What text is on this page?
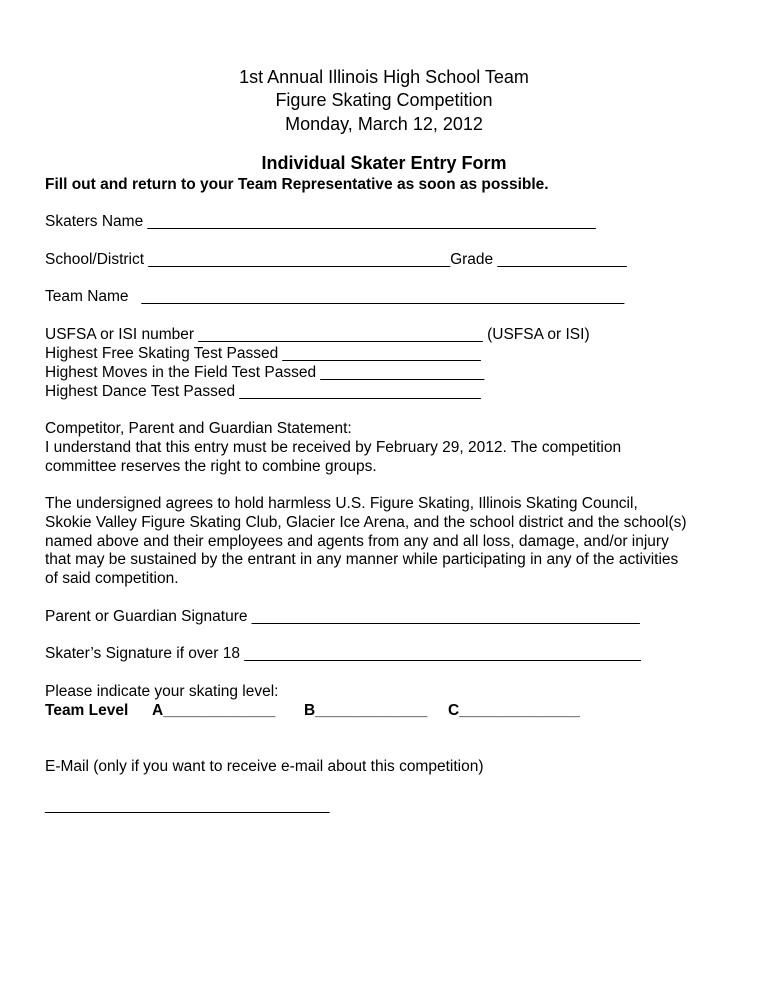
1st Annual Illinois High School Team
Figure Skating Competition
Monday, March 12, 2012
Individual Skater Entry Form
Fill out and return to your Team Representative as soon as possible.
Skaters Name ____________________________________________________
School/District ___________________________________Grade _______________
Team Name   ________________________________________________________
USFSA or ISI number _________________________________ (USFSA or ISI)
Highest Free Skating Test Passed _______________________
Highest Moves in the Field Test Passed ___________________
Highest Dance Test Passed ____________________________
Competitor, Parent and Guardian Statement:
I understand that this entry must be received by February 29, 2012. The competition
committee reserves the right to combine groups.
The undersigned agrees to hold harmless U.S. Figure Skating, Illinois Skating Council,
Skokie Valley Figure Skating Club, Glacier Ice Arena, and the school district and the school(s)
named above and their employees and agents from any and all loss, damage, and/or injury
that may be sustained by the entrant in any manner while participating in any of the activities
of said competition.
Parent or Guardian Signature _____________________________________________
Skater’s Signature if over 18 ______________________________________________
Please indicate your skating level:
Team Level A_____________ B_____________ C______________
E-Mail (only if you want to receive e-mail about this competition)
_________________________________
